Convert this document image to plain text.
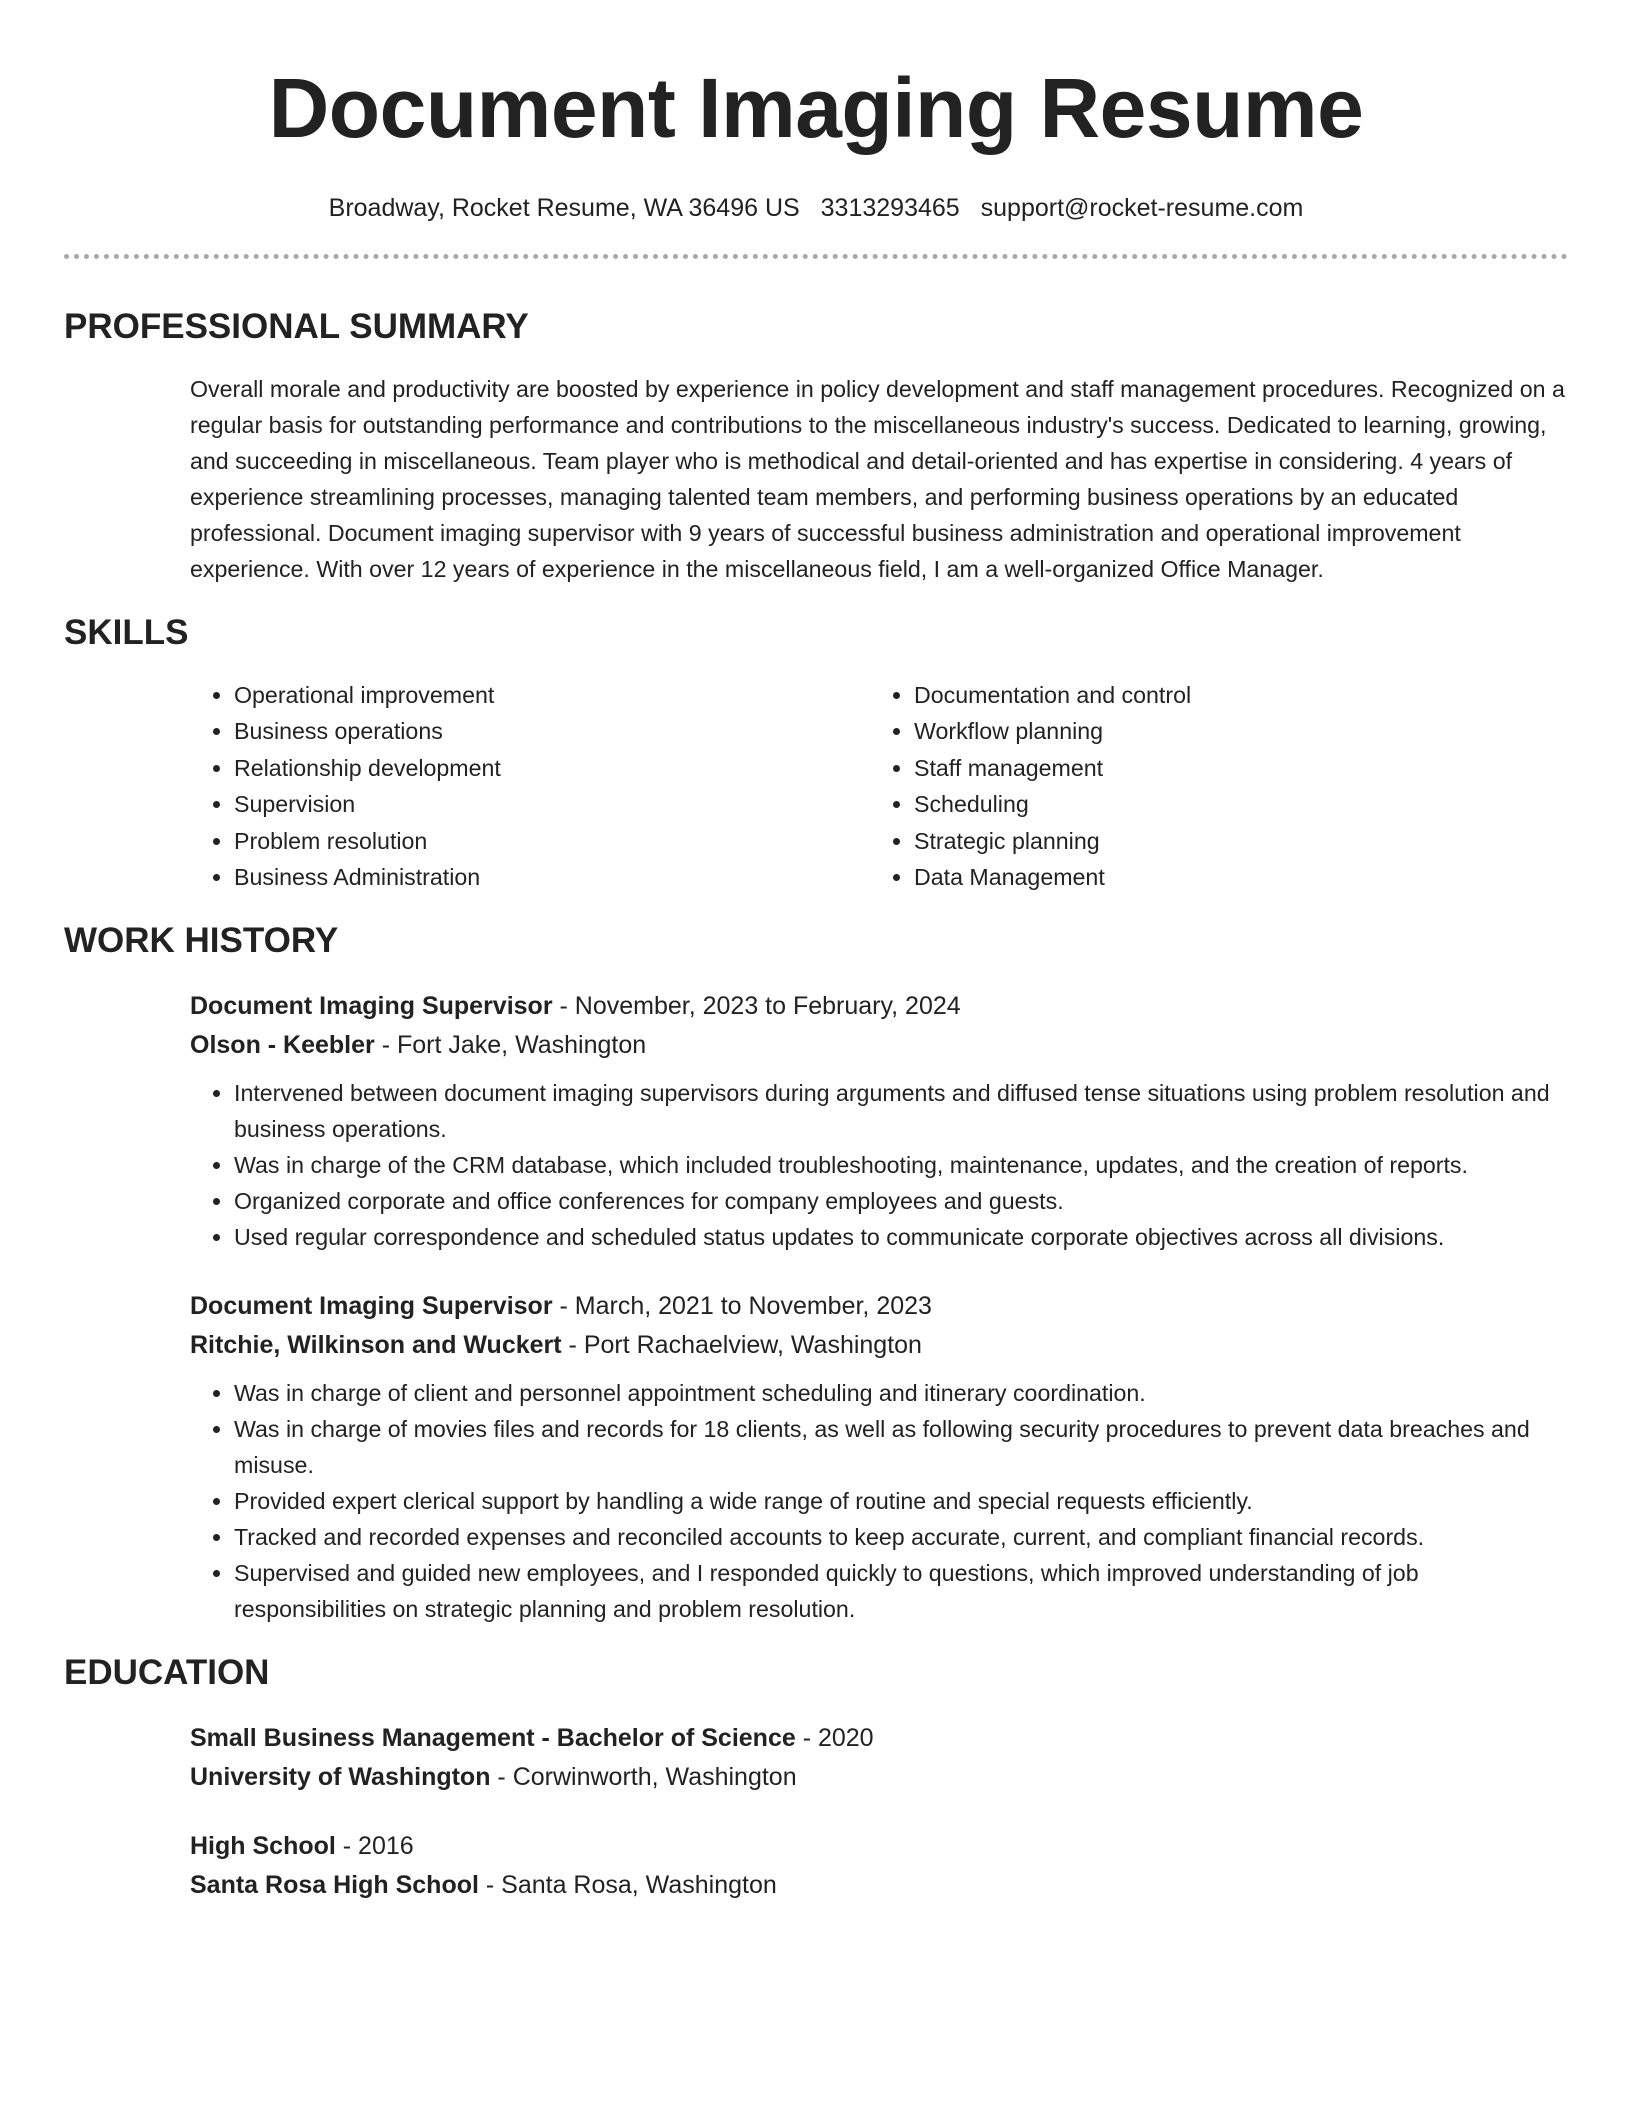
Document Imaging Resume
Broadway, Rocket Resume, WA 36496 US 3313293465 support@rocket-resume.com
PROFESSIONAL SUMMARY

Overall morale and productivity are boosted by experience in policy development and staff management procedures. Recognized on a regular basis for outstanding performance and contributions to the miscellaneous industry's success. Dedicated to learning, growing, and succeeding in miscellaneous. Team player who is methodical and detail-oriented and has expertise in considering. 4 years of experience streamlining processes, managing talented team members, and performing business operations by an educated professional. Document imaging supervisor with 9 years of successful business administration and operational improvement experience. With over 12 years of experience in the miscellaneous field, I am a well-organized Office Manager.

SKILLS
• Operational improvement
• Business operations
• Relationship development
• Supervision
• Problem resolution
• Business Administration
• Documentation and control
• Workflow planning
• Staff management
• Scheduling
• Strategic planning
• Data Management
WORK HISTORY

Document Imaging Supervisor - November, 2023 to February, 2024

Olson - Keebler - Fort Jake, Washington

• Intervened between document imaging supervisors during arguments and diffused tense situations using problem resolution and business operations.
• Was in charge of the CRM database, which included troubleshooting, maintenance, updates, and the creation of reports.
• Organized corporate and office conferences for company employees and guests.
• Used regular correspondence and scheduled status updates to communicate corporate objectives across all divisions.

Document Imaging Supervisor - March, 2021 to November, 2023

Ritchie, Wilkinson and Wuckert - Port Rachaelview, Washington

• Was in charge of client and personnel appointment scheduling and itinerary coordination.
• Was in charge of movies files and records for 18 clients, as well as following security procedures to prevent data breaches and misuse.
• Provided expert clerical support by handling a wide range of routine and special requests efficiently.
• Tracked and recorded expenses and reconciled accounts to keep accurate, current, and compliant financial records.
• Supervised and guided new employees, and I responded quickly to questions, which improved understanding of job responsibilities on strategic planning and problem resolution.
EDUCATION

Small Business Management - Bachelor of Science - 2020

University of Washington - Corwinworth, Washington

High School - 2016

Santa Rosa High School - Santa Rosa, Washington
